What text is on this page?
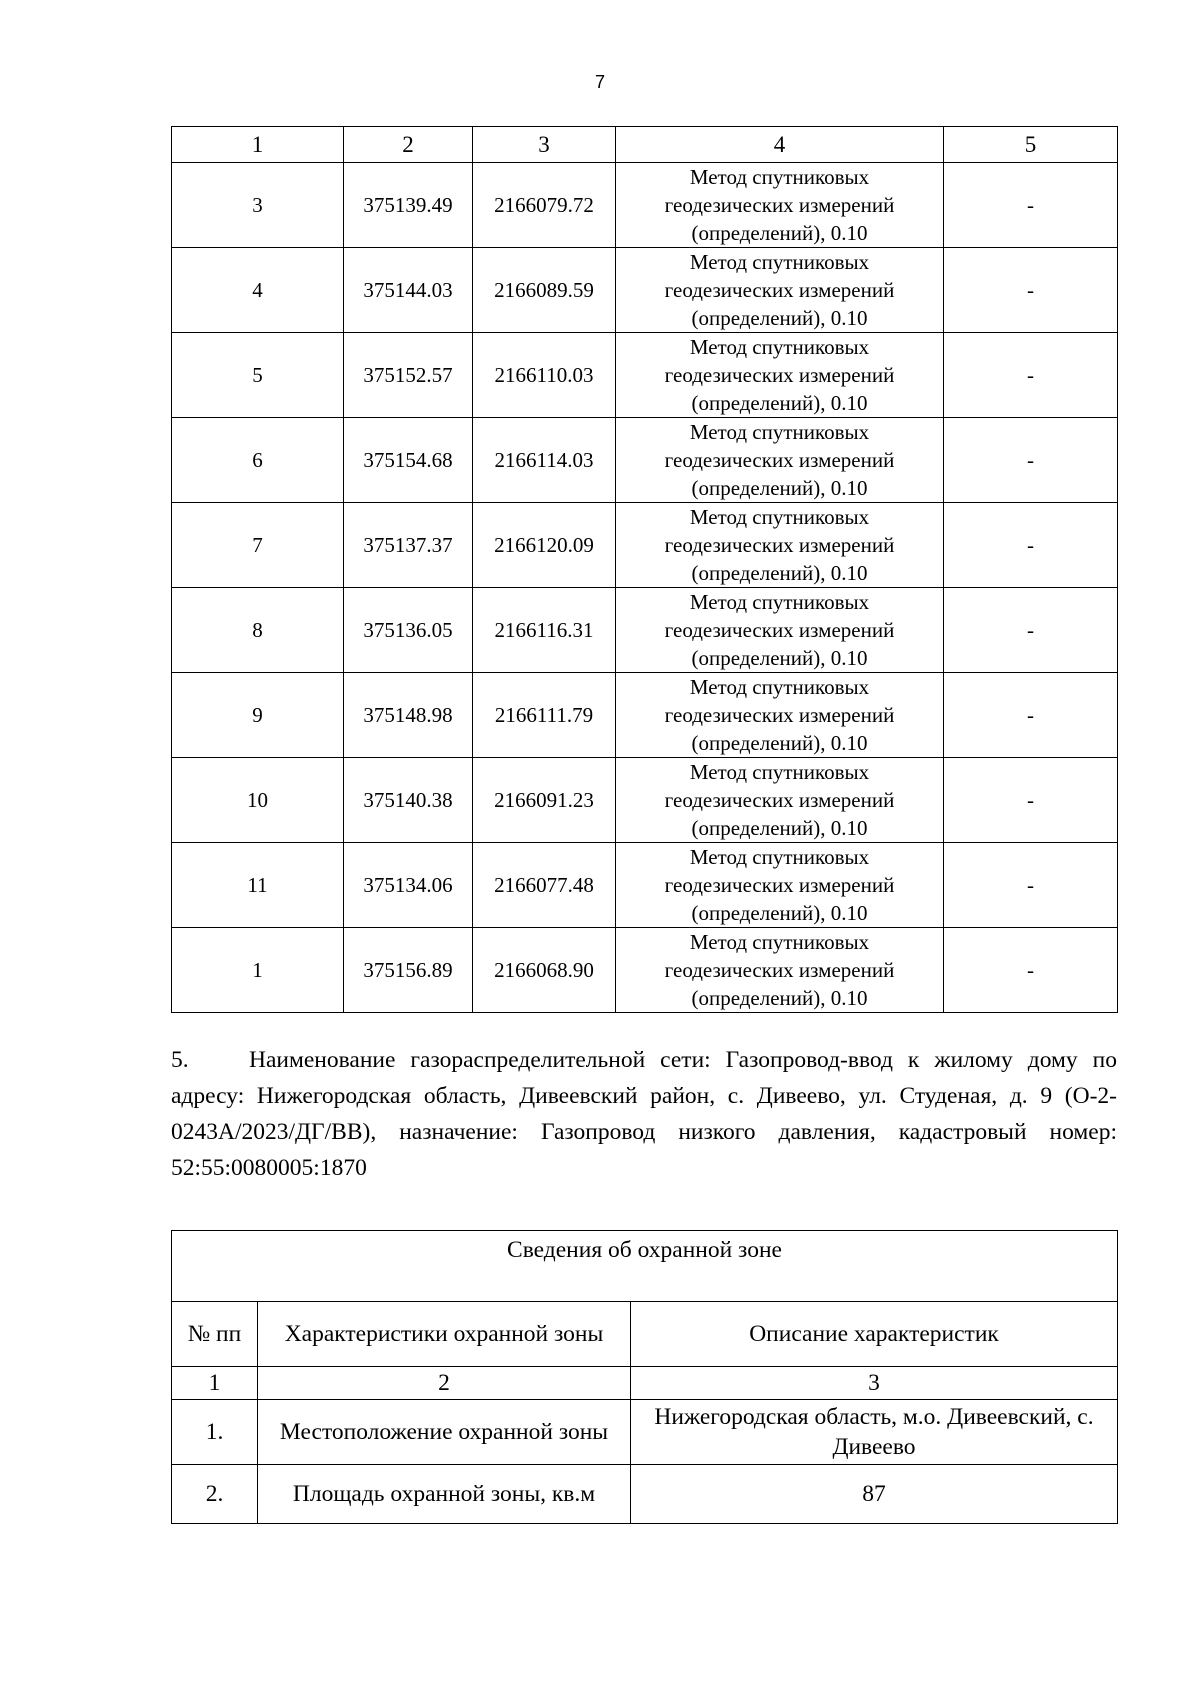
7
1	2	3	4	5
3	375139.49	2166079.72	Метод спутниковых
геодезических измерений
(определений), 0.10	-
4	375144.03	2166089.59	Метод спутниковых
геодезических измерений
(определений), 0.10	-
5	375152.57	2166110.03	Метод спутниковых
геодезических измерений
(определений), 0.10	-
6	375154.68	2166114.03	Метод спутниковых
геодезических измерений
(определений), 0.10	-
7	375137.37	2166120.09	Метод спутниковых
геодезических измерений
(определений), 0.10	-
8	375136.05	2166116.31	Метод спутниковых
геодезических измерений
(определений), 0.10	-
9	375148.98	2166111.79	Метод спутниковых
геодезических измерений
(определений), 0.10	-
10	375140.38	2166091.23	Метод спутниковых
геодезических измерений
(определений), 0.10	-
11	375134.06	2166077.48	Метод спутниковых
геодезических измерений
(определений), 0.10	-
1	375156.89	2166068.90	Метод спутниковых
геодезических измерений
(определений), 0.10	-
5.	Наименование газораспределительной сети: Газопровод-ввод к жилому дому по адресу: Нижегородская область, Дивеевский район, с. Дивеево, ул. Студеная, д. 9 (О-2-0243А/2023/ДГ/ВВ), назначение: Газопровод низкого давления, кадастровый номер: 52:55:0080005:1870
Сведения об охранной зоне		
№ пп	Характеристики охранной зоны	Описание характеристик
1	2	3
1.	Местоположение охранной зоны	Нижегородская область, м.о. Дивеевский, с. Дивеево
2.	Площадь охранной зоны, кв.м	87
